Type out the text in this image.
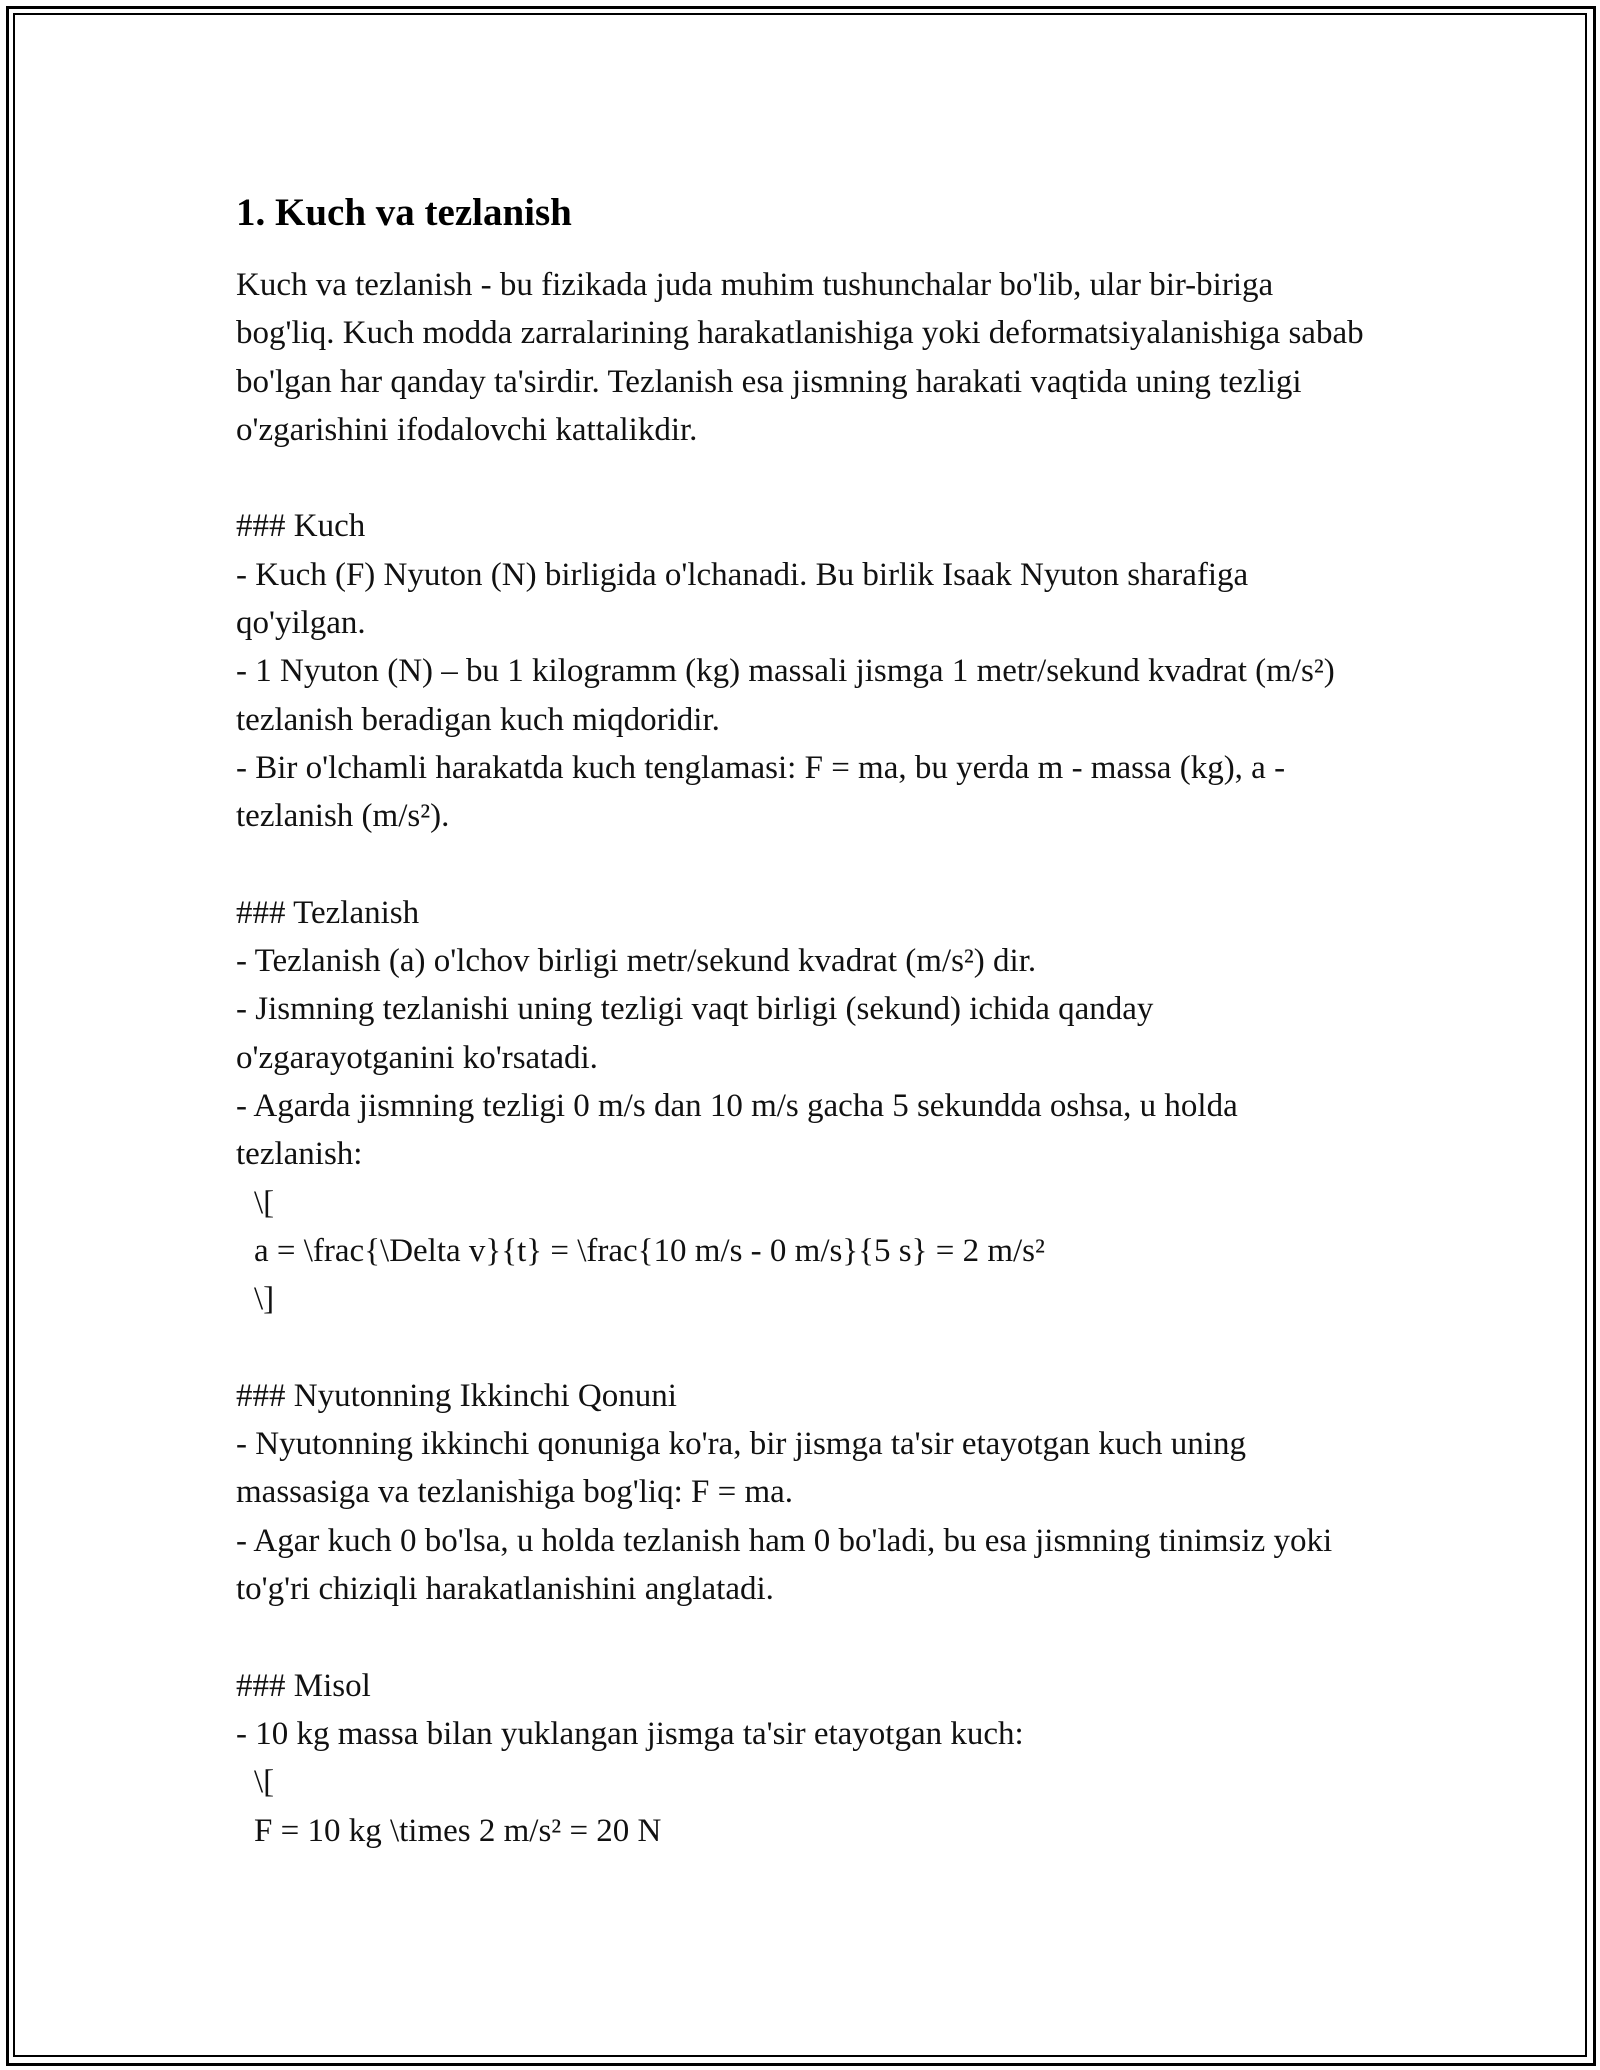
1. Kuch va tezlanish

Kuch va tezlanish - bu fizikada juda muhim tushunchalar bo'lib, ular bir-biriga bog'liq. Kuch modda zarralarining harakatlanishiga yoki deformatsiyalanishiga sabab bo'lgan har qanday ta'sirdir. Tezlanish esa jismning harakati vaqtida uning tezligi o'zgarishini ifodalovchi kattalikdir.

### Kuch
- Kuch (F) Nyuton (N) birligida o'lchanadi. Bu birlik Isaak Nyuton sharafiga qo'yilgan.
- 1 Nyuton (N) – bu 1 kilogramm (kg) massali jismga 1 metr/sekund kvadrat (m/s²) tezlanish beradigan kuch miqdoridir.
- Bir o'lchamli harakatda kuch tenglamasi: F = ma, bu yerda m - massa (kg), a - tezlanish (m/s²).
### Tezlanish
- Tezlanish (a) o'lchov birligi metr/sekund kvadrat (m/s²) dir.
- Jismning tezlanishi uning tezligi vaqt birligi (sekund) ichida qanday o'zgarayotganini ko'rsatadi.
- Agarda jismning tezligi 0 m/s dan 10 m/s gacha 5 sekundda oshsa, u holda tezlanish:
\[
a = \frac{\Delta v}{t} = \frac{10 m/s - 0 m/s}{5 s} = 2 m/s²
\]
### Nyutonning Ikkinchi Qonuni
- Nyutonning ikkinchi qonuniga ko'ra, bir jismga ta'sir etayotgan kuch uning massasiga va tezlanishiga bog'liq: F = ma.
- Agar kuch 0 bo'lsa, u holda tezlanish ham 0 bo'ladi, bu esa jismning tinimsiz yoki to'g'ri chiziqli harakatlanishini anglatadi.
### Misol
- 10 kg massa bilan yuklangan jismga ta'sir etayotgan kuch:
\[
F = 10 kg \times 2 m/s² = 20 N
